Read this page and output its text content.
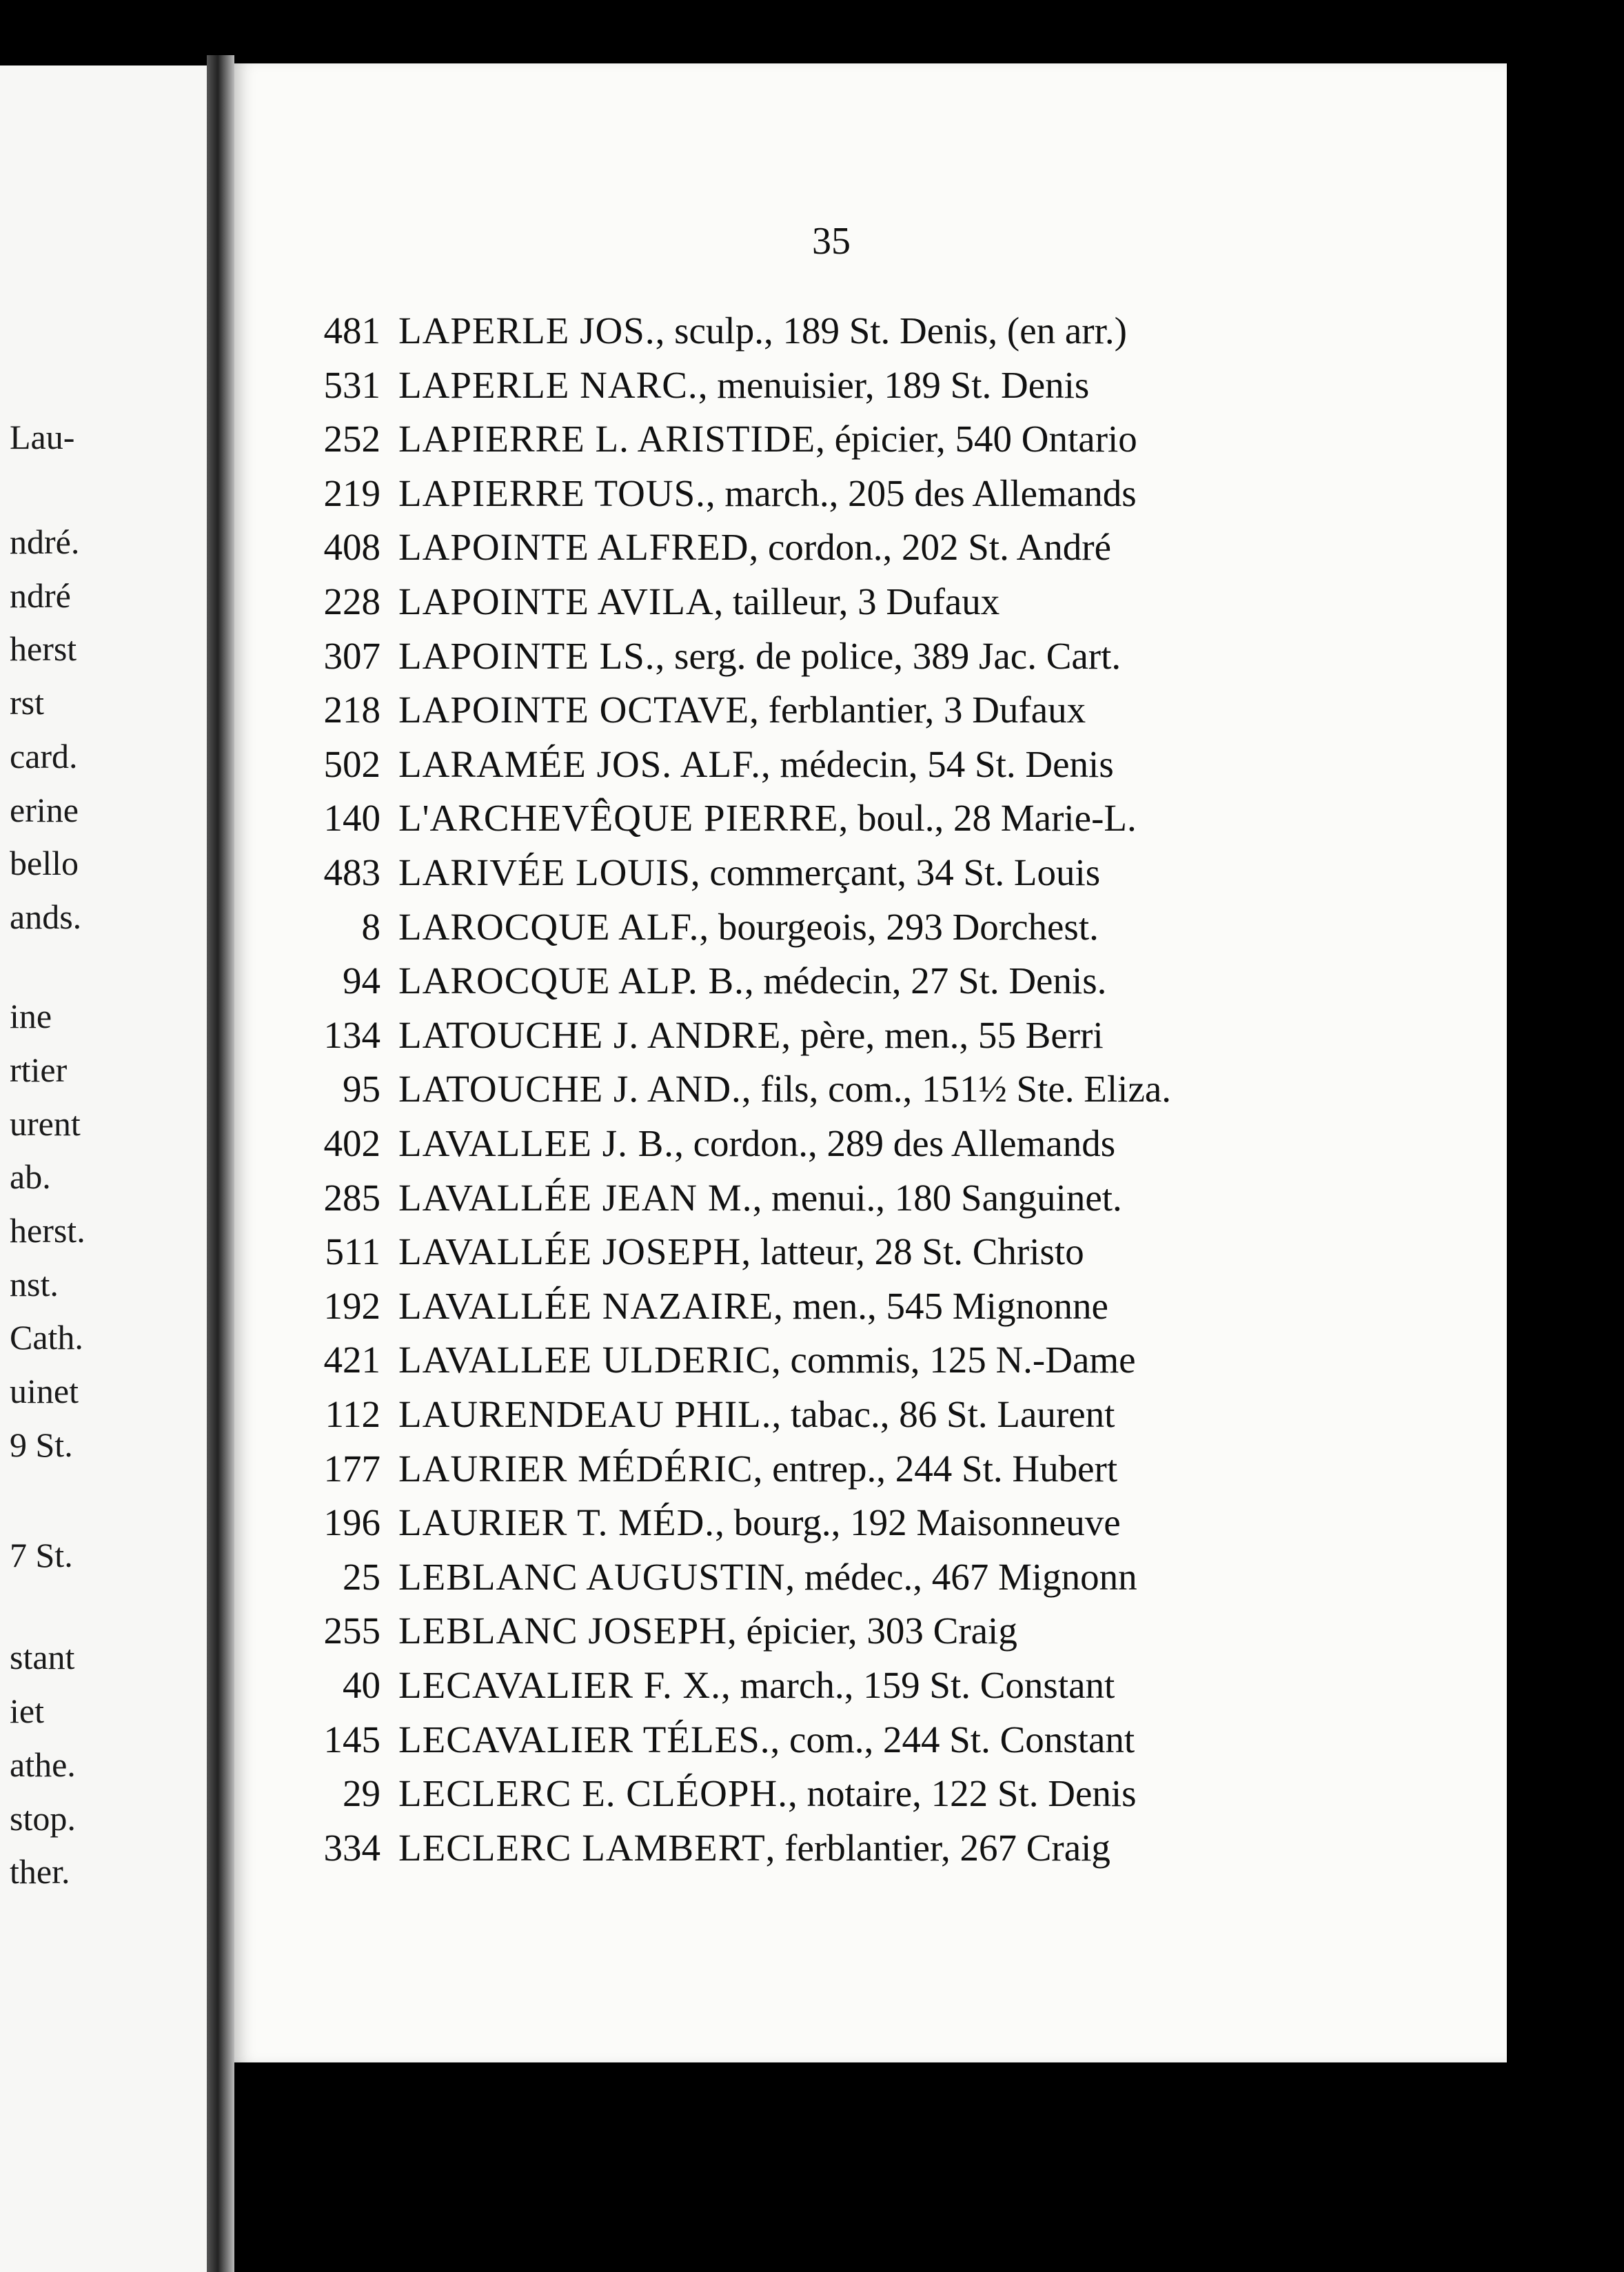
Lau-
ndré.
ndré
herst
rst
card.
erine
bello
ands.
ine
rtier
urent
ab.
herst.
nst.
Cath.
uinet
9 St.
7 St.
stant
iet
athe.
stop.
ther.
35
481 LAPERLE JOS., sculp., 189 St. Denis, (en arr.)
531 LAPERLE NARC., menuisier, 189 St. Denis
252 LAPIERRE L. ARISTIDE, épicier, 540 Ontario
219 LAPIERRE TOUS., march., 205 des Allemands
408 LAPOINTE ALFRED, cordon., 202 St. André
228 LAPOINTE AVILA, tailleur, 3 Dufaux
307 LAPOINTE LS., serg. de police, 389 Jac. Cart.
218 LAPOINTE OCTAVE, ferblantier, 3 Dufaux
502 LARAMÉE JOS. ALF., médecin, 54 St. Denis
140 L'ARCHEVÊQUE PIERRE, boul., 28 Marie-L.
483 LARIVÉE LOUIS, commerçant, 34 St. Louis
8 LAROCQUE ALF., bourgeois, 293 Dorchest.
94 LAROCQUE ALP. B., médecin, 27 St. Denis.
134 LATOUCHE J. ANDRE, père, men., 55 Berri
95 LATOUCHE J. AND., fils, com., 151½ Ste. Eliza.
402 LAVALLEE J. B., cordon., 289 des Allemands
285 LAVALLÉE JEAN M., menui., 180 Sanguinet.
511 LAVALLÉE JOSEPH, latteur, 28 St. Christo
192 LAVALLÉE NAZAIRE, men., 545 Mignonne
421 LAVALLEE ULDERIC, commis, 125 N.-Dame
112 LAURENDEAU PHIL., tabac., 86 St. Laurent
177 LAURIER MÉDÉRIC, entrep., 244 St. Hubert
196 LAURIER T. MÉD., bourg., 192 Maisonneuve
25 LEBLANC AUGUSTIN, médec., 467 Mignonn
255 LEBLANC JOSEPH, épicier, 303 Craig
40 LECAVALIER F. X., march., 159 St. Constant
145 LECAVALIER TÉLES., com., 244 St. Constant
29 LECLERC E. CLÉOPH., notaire, 122 St. Denis
334 LECLERC LAMBERT, ferblantier, 267 Craig
